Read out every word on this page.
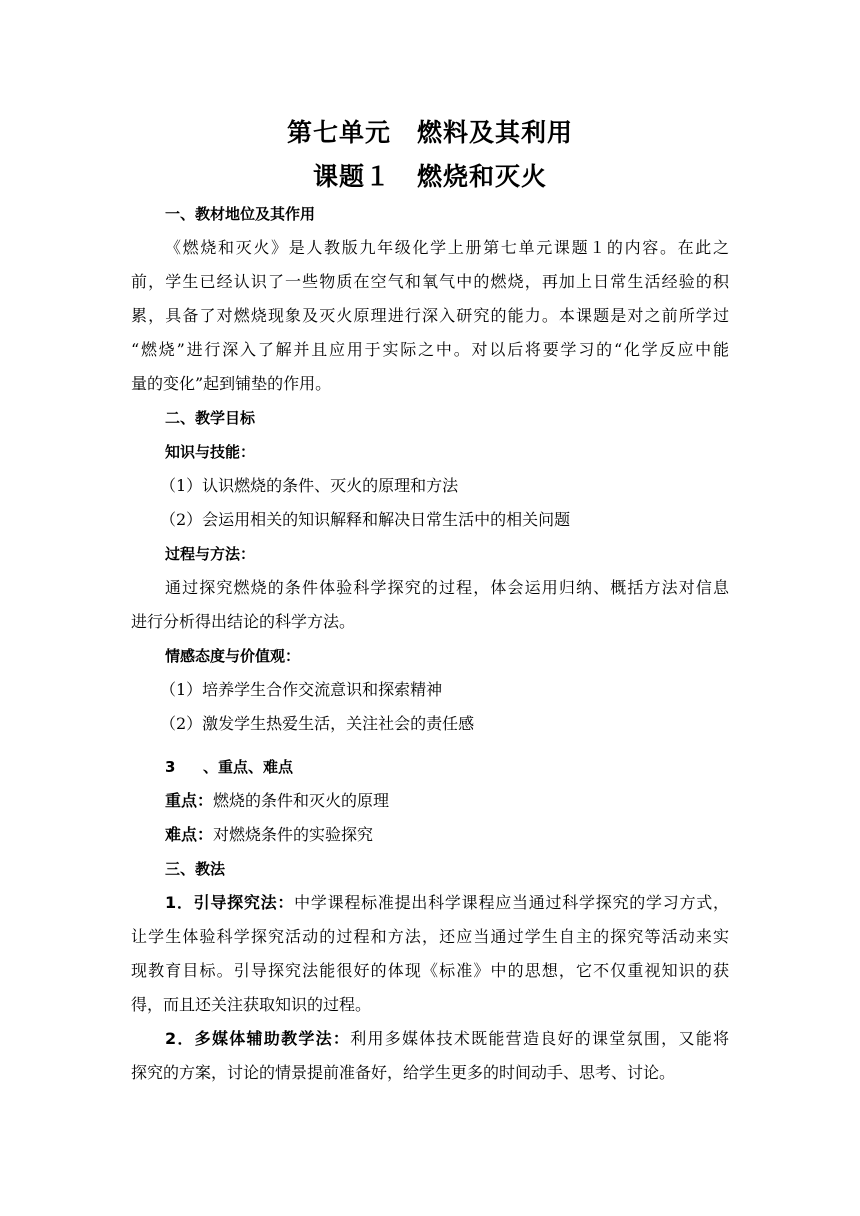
第七单元　燃料及其利用
课题１　燃烧和灭火
一、教材地位及其作用
《燃烧和灭火》是人教版九年级化学上册第七单元课题１的内容。在此之
前，学生已经认识了一些物质在空气和氧气中的燃烧，再加上日常生活经验的积
累，具备了对燃烧现象及灭火原理进行深入研究的能力。本课题是对之前所学过
“燃烧”进行深入了解并且应用于实际之中。对以后将要学习的“化学反应中能
量的变化”起到铺垫的作用。
二、教学目标
知识与技能：
（1）认识燃烧的条件、灭火的原理和方法
（2）会运用相关的知识解释和解决日常生活中的相关问题
过程与方法：
通过探究燃烧的条件体验科学探究的过程，体会运用归纳、概括方法对信息
进行分析得出结论的科学方法。
情感态度与价值观：
（1）培养学生合作交流意识和探索精神
（2）激发学生热爱生活，关注社会的责任感
3	、重点、难点
重点：燃烧的条件和灭火的原理
难点：对燃烧条件的实验探究
三、教法
1．引导探究法：中学课程标准提出科学课程应当通过科学探究的学习方式，
让学生体验科学探究活动的过程和方法，还应当通过学生自主的探究等活动来实
现教育目标。引导探究法能很好的体现《标准》中的思想，它不仅重视知识的获
得，而且还关注获取知识的过程。
2．多媒体辅助教学法：利用多媒体技术既能营造良好的课堂氛围，又能将
探究的方案，讨论的情景提前准备好，给学生更多的时间动手、思考、讨论。
